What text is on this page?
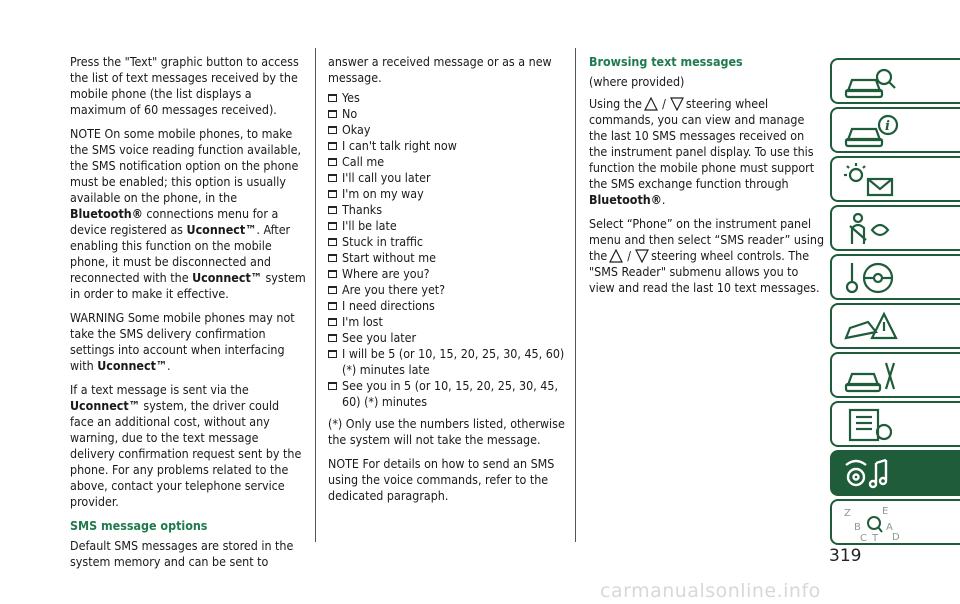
Press the "Text" graphic button to access the list of text messages received by the mobile phone (the list displays a maximum of 60 messages received).

NOTE On some mobile phones, to make the SMS voice reading function available, the SMS notification option on the phone must be enabled; this option is usually available on the phone, in the Bluetooth® connections menu for a device registered as Uconnect™. After enabling this function on the mobile phone, it must be disconnected and reconnected with the Uconnect™ system in order to make it effective.

WARNING Some mobile phones may not take the SMS delivery confirmation settings into account when interfacing with Uconnect™.

If a text message is sent via the Uconnect™ system, the driver could face an additional cost, without any warning, due to the text message delivery confirmation request sent by the phone. For any problems related to the above, contact your telephone service provider.

SMS message options

Default SMS messages are stored in the system memory and can be sent to

answer a received message or as a new message.

Yes
No
Okay
I can't talk right now
Call me
I'll call you later
I'm on my way
Thanks
I'll be late
Stuck in traffic
Start without me
Where are you?
Are you there yet?
I need directions
I'm lost
See you later
I will be 5 (or 10, 15, 20, 25, 30, 45, 60) (*) minutes late
See you in 5 (or 10, 15, 20, 25, 30, 45, 60) (*) minutes

(*) Only use the numbers listed, otherwise the system will not take the message.

NOTE For details on how to send an SMS using the voice commands, refer to the dedicated paragraph.

Browsing text messages

(where provided)

Using the / steering wheel commands, you can view and manage the last 10 SMS messages received on the instrument panel display. To use this function the mobile phone must support the SMS exchange function through Bluetooth®.

Select “Phone” on the instrument panel menu and then select “SMS reader” using the / steering wheel controls. The "SMS Reader" submenu allows you to view and read the last 10 text messages.

i
Z	E
B	A
C T D
319
carmanualsonline.info
